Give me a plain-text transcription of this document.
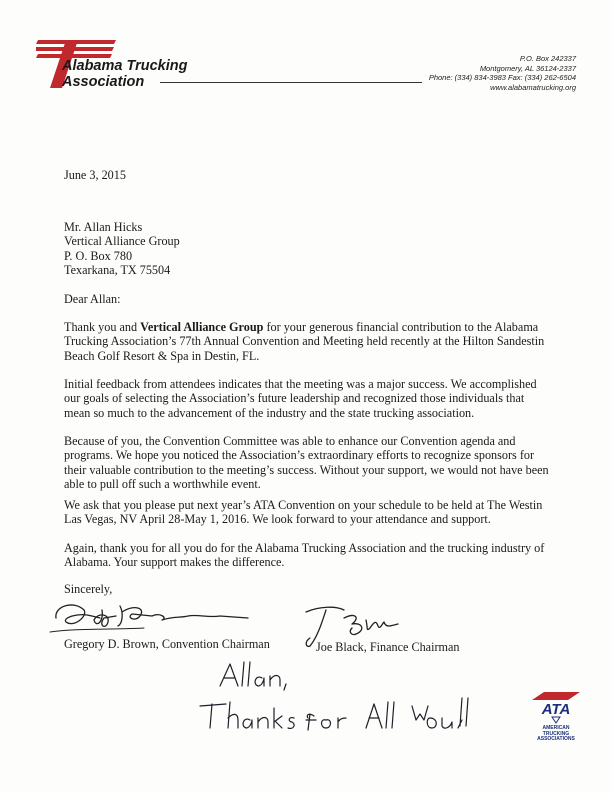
Alabama Trucking
Association
P.O. Box 242337
Montgomery, AL 36124-2337
Phone: (334) 834-3983 Fax: (334) 262-6504
www.alabamatrucking.org
June 3, 2015
Mr. Allan Hicks
Vertical Alliance Group
P. O. Box 780
Texarkana, TX 75504
Dear Allan:
Thank you and Vertical Alliance Group for your generous financial contribution to the Alabama Trucking Association’s 77th Annual Convention and Meeting held recently at the Hilton Sandestin Beach Golf Resort & Spa in Destin, FL.
Initial feedback from attendees indicates that the meeting was a major success. We accomplished our goals of selecting the Association’s future leadership and recognized those individuals that mean so much to the advancement of the industry and the state trucking association.
Because of you, the Convention Committee was able to enhance our Convention agenda and programs. We hope you noticed the Association’s extraordinary efforts to recognize sponsors for their valuable contribution to the meeting’s success. Without your support, we would not have been able to pull off such a worthwhile event.
We ask that you please put next year’s ATA Convention on your schedule to be held at The Westin Las Vegas, NV April 28-May 1, 2016. We look forward to your attendance and support.
Again, thank you for all you do for the Alabama Trucking Association and the trucking industry of Alabama. Your support makes the difference.
Sincerely,
Gregory D. Brown, Convention Chairman	Joe Black, Finance Chairman
ATA
AMERICAN
TRUCKING
ASSOCIATIONS
